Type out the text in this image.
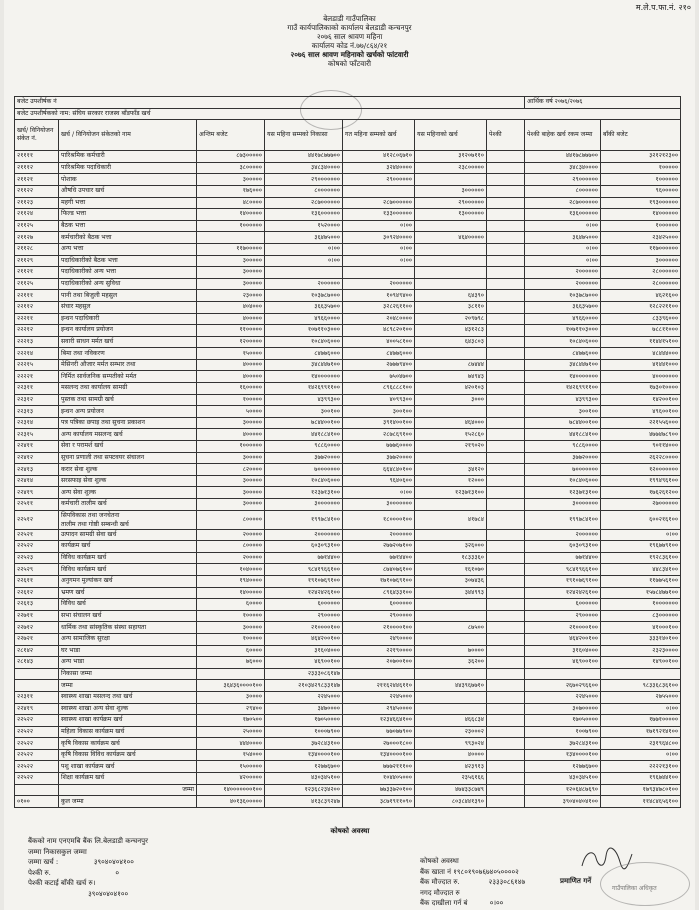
म.ले.प.फा.नं. २१०
बेलडाडी गाउँपालिका
गाउँ कार्यपालिकाको कार्यालय बेलडाडी कन्चनपुर
२०७६ साल श्रावण महिना
कार्यालय कोड नं.७७/८६४/२१
२०७६ साल श्रावण महिनाको खर्चको फांटवारी
कोषको फाँटवारी
बजेट उपशीर्षक नं							आर्थिक वर्ष २०७६/२०७६	
बजेट उपशीर्षकको नाम: संघिय सरकार राजस्व बाँडफाँड खर्च								
खर्च/ विनियोजन संकेत नं.	खर्च / विनियोजन संकेतको नाम	अन्तिम बजेट	यस महिना सम्मको निकासा	गत महिना सम्मको खर्च	यस महिनाको खर्च	पेश्की	पेश्की बाहेक खर्च रकम जम्मा	बाँकी बजेट
२११११	पारिश्रमिक कर्मचारी	८७३०००००	४४१७८७७७००	४१२८०६७१०	३१२०७११०		४४१७८७७७००	३२१२१२३००
२१११२	पारिश्रमिक पदाधिकारी	३८०००००	३४८३४००००	३२४४००००	२३८०००००		३४८३४००००	१०००००
२११२१	पोशाक	३०००००	२९०००००००	२९००००००			२९००००००	१००००००
२११२२	औषधि उपचार खर्च	१७६०००	८०००००००		३००००००		८००००००	९६०००००
२११२३	महगी भत्ता	४८००००	२८७००००००	२८७००००००	२९००००००		२८७००००००	१९३००००००
२११२४	फिल्ड भत्ता	१४०००००	१३६००००००	१३३००००००	१३००००००		१३६००००००	१४००००००
२११२५	बैठक भत्ता	१००००००	१५२००००	०।००			०।००	१००००००
२११२७	कर्मचारीको बैठक भत्ता		३६४७५०००	३०९२४००००	४६४०००००		३६४७५०००	२३४२५०००
२११२८	अन्य भत्ता	११७०००००	०।००	०।००			०।००	११७००००००
२११२९	पदाधिकारीको बैठक भत्ता	३०००००	०।००	०।००			०।००	३००००००
२११२१	पदाधिकारीको अन्य भत्ता	३०००००					२००००००	२८००००००
२११२५	पदाधिकारीको अन्य सुविधा	३०००००	२००००००	२००००००			२००००००	२८००००००
२२१११	पानी तथा बिजुली महसुल	२३००००	१०३७८७०००	१०९४९४००	६४३९०		१०३७८७०००	४६२१६००
२२११२	संचार महसुल	४०४०००	३६६३५७००	३२८२६११००	३८११०		३६६३५७००	१२८२२११००
२२२११	इन्धन पदाधिकारी	४०००००	४९६६००००	२०४८००००	२०९७९८		४९६६००००	८३३९६०००
२२२१२	इन्धन कार्यालय प्रयोजन	११०००००	१०७११०३०००	४८९८२०१००	४३१२८३		१०७११०३०००	७८८११०००
२२२१३	सवारी साधन मर्मत खर्च	१२०००००	१०८४०६०००	४००५८१००	६४३८०३		१०८४०६०००	११४४१५१००
२२२१४	बिमा तथा नविकरण	१५००००	८४७७६०००	८४७७६०००			८४७७६०००	४८४४४०००
२२२१५	मेसिनरी औजार मर्मत सम्भार तथा	४०००००	३४८४४७१००	२७७७९४००	८७४४४		३४८४४७१००	४१४४१०००
२२२२१	निर्मित सार्वजनिक सम्पतीको मर्मत	४०००००	१४०००००००	७५०४७००	७४९४३		१४०००००००	४०००००००
२२३११	मसलन्द तथा कार्यालय सामग्री	१६०००००	१४२६९९११००	८९६८८८१००	४२०१०३		१४२६९९११००	१७३०१००००
२२३१२	पुस्तक तथा सामग्री खर्च	१०००००	४३९९३००	४०९९३००	३०००		४३९९३००	१४२००१००
२२३१३	इन्धन अन्य प्रयोजन	५००००	३००१००	३००१००			३००१००	४९६००१००
२२३१४	पत्र पत्रिका छपाइ तथा सुचना प्रकाशन	३०००००	७८४४००१००	३९१४००१००	४६४०००		७८४४००१००	२२१५५६०००
२२३१५	अन्य कार्यालय मसलन्द खर्च	४०००००	४४१८८४१००	२८७८६९१००	१५२८६०		४४१८८४१००	४७७४७८९००
२२४११	सेवा र परामर्श खर्च	१००००००	९८८६००००	७७७६००००	२१९०२०		९८८६००००	९०११४०००
२२४१२	सुचना प्रणाली तथा सफ्टवयर संचालन	३०००००	३७७२००००	३७७२००००			३७७२००००	२६२२८००००
२२४१३	करार सेवा शुल्क	८२००००	७०००००००	६६४८४०१००	३४१२०		७०००००००	१२०००००००
२२४१४	सरसफाइ सेवा शुल्क	३०००००	१०८४०६०००	९६४०६००	१२०००		१०८४०६०००	१९९४९६१००
२२४१९	अन्य सेवा शुल्क	३०००००	१२३७१३१००	०।००	१२३७१३१००		१२३७१३१००	१७६२६१२००
२२५११	कर्मचारी तालीम खर्च	३०००००	३०००००००	३०००००००			३०००००००	२७००००००
२२५१२	सिपविकास तथा जनचेतना
तालीम तथा गोष्ठी सम्बन्धी खर्च	८०००००	१९९७८४१००	१८००००१००	४१७८४		१९९७८४१००	६००२१६१००
२२५२१	उत्पादन सामग्री सेवा खर्च	२०००००	२०००००००	२००००००			२००००००	०।००
२२५२२	कार्यक्रम खर्च	८०००००	६०३०९३१००	२७७२०७१००	३२६०००		६०३०९३१००	१९६७७९१००
२२५२३	विविध कार्यक्रम खर्च	२०००००	७७१४४००	७७१४४००	१८३३३६०		७७१४४००	१९२८३६१००
२२५२९	विविध कार्यक्रम खर्च	१०४००००	९८४१९६६१००	८७४०७६१००	१६१०७०		९८४१९६६१००	४४८३४१००
२२६११	अनुगमन मुल्यांकन खर्च	१९४००००	१९१०७६९१००	१७१०७६९१००	३०७४३६		१९१०७६९१००	११७७५६१००
२२६१२	भ्रमण खर्च	१४०००००	१२४२४२६१००	८९६४३३१००	३४४९९३		१२४२४२६१००	१५७८४७७१००
२२६१३	विविध खर्च	६००००	६००००००	६००००००			६००००००	१०००००००
२२७११	सभा संचालन खर्च	१०००००	२९०००००	२९०००००			२९०००००	८३००००००
२२७१२	धार्मिक तथा सांस्कृतिक संस्था सहायता	३०००००	२१००००१००	२१००००१००	८७५००		२१००००१००	४१०००१००
२२७२१	अन्य सामाजिक सुरक्षा	१०००००	४६४२००१००	२४९००००			४६४२००१००	३३३१४०१००
२८१४२	घर भाडा	६००००	३१६०४०००	२२१९००००	७००००		३१६०४०००	२३२३००००
२८१४३	अन्य भाडा	७६०००	४६९००१००	२०७००१००	३६२००		४६९००१००	१४९००१००
	निकासा जम्मा		२३३३०८६१४७					
	जम्मा	३६४३६००००१००	२१०३४२९८३३१४७	२११६२४४६११०	४४३९६७७१०		२६७०२९६६००	९८३३६८३६१००
२२३११	स्वास्थ्य शाखा मसलन्द तथा खर्च	३००००	२२४५०००	२२४५०००			२२४५०००	२७५५०००
२२४१९	स्वास्थ्य शाखा अन्य सेवा शुल्क	२९४००	३४७००००	२९४५००००			३०७०००००	०।००
२२५२२	स्वास्थ्य शाखा कार्यक्रम खर्च	१७०५००	१७०५००००	१२३४६६४१००	४६६८३४		१७०५००००	१७७१०००००
२२५२२	महिला विकास कार्यक्रम खर्च	२५००००	१०००७९००	७७०७७९००	२३०००२		१००७९००	१७१९२१४१००
२२५२२	कृषि विकास कार्यक्रम खर्च	४४४००००	३७२८४३१००	२७०००१८००	९९३०२४		३७२८४३१००	२३१९६४८००
२२५२२	कृषि विकास विविध कार्यक्रम खर्च	१५४०००	१३४००००१००	१३४००००१००	४००००		१३४००००१००	०।००
२२५२२	पशु शाखा कार्यक्रम खर्च	१५०००००	१२७७६७००	७७७२१११००	४२३९१३		१२७७६७००	२२२२१३१००
२२५२२	शिक्षा कार्यक्रम खर्च	४२०००००	४३०३४५१००	१०४४०५०००	२३५६१६६		४३०३४५१००	१९६७४४१००
	जम्मा	१४०००००००१००	१२३६८२३४२००	७७३३७२०१००	४७४३३८७४९		१२०६४८७६९०	१७९३४७८०१००
०१००	कुल जम्मा	४०१३६०००००	४१३८३९२४७	३८७१९११०९०	८०३८४४१३९०		३९०४०४०४१००	११४८४६५६१००
कोषको अवस्था
बैंकको नाम एनएमबि बैंक लि.बेलडाडी कन्चनपुर
जम्मा निकासकुल जम्मा
जम्मा खर्च :                ३९०४०४०४१००
पेश्की रु.                             ०
पेश्की कटाई बाँकी खर्च रु।
३९०४०४०४१००
कोषको अवस्था
बैंक खाता नं १९८०१९०७६७४०५००००२
बैंक मौज्दात रु.             २३३३०८६१४७
नगद मौज्दात रु
बैंक दाखीला गर्न बं          ०।००
प्रमाणित गर्ने
गाउँपालिका अधिकृत
